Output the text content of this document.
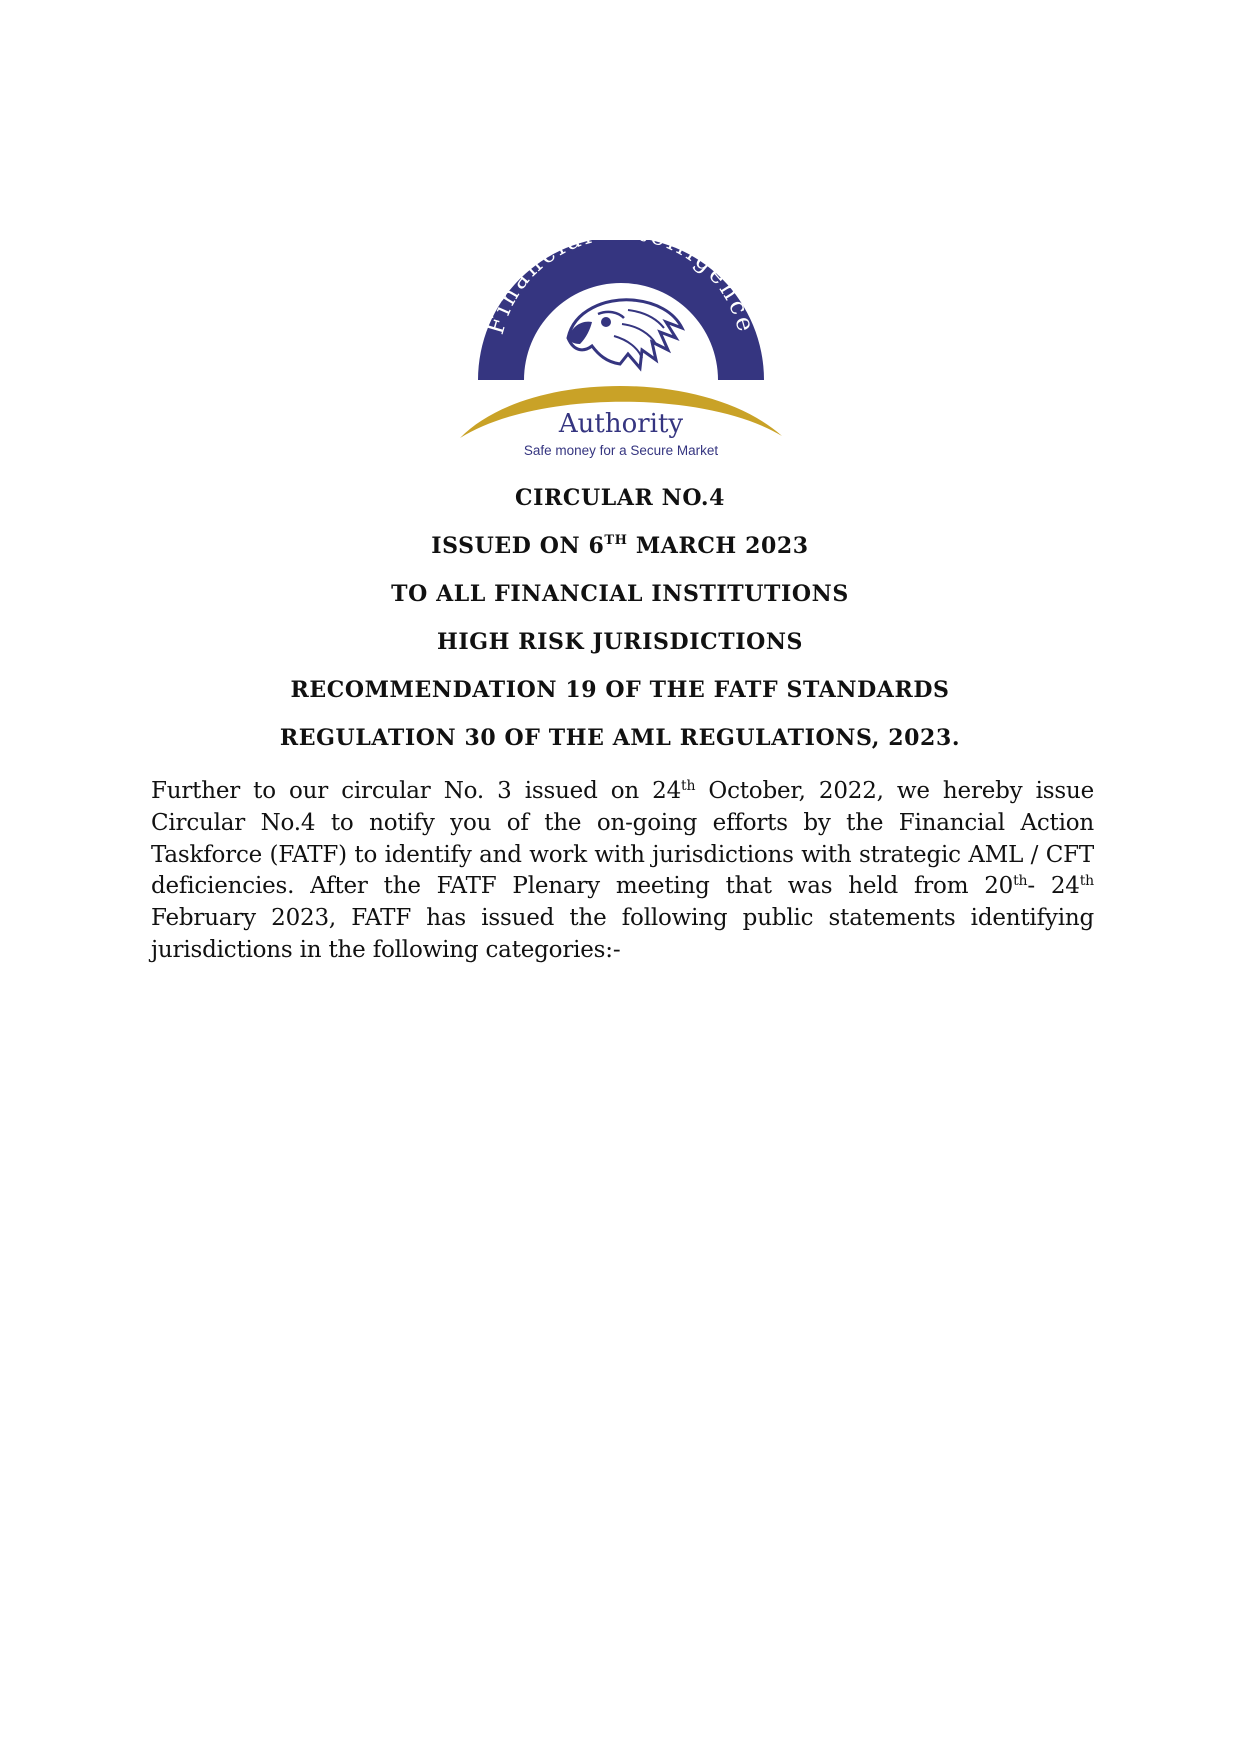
Financi lligence
Authority
Safe money for a Secure Market
CIRCULAR NO.4
ISSUED ON 6TH MARCH 2023
TO ALL FINANCIAL INSTITUTIONS
HIGH RISK JURISDICTIONS
RECOMMENDATION 19 OF THE FATF STANDARDS
REGULATION 30 OF THE AML REGULATIONS, 2023.

Further to our circular No. 3 issued on 24th October, 2022, we hereby issue Circular No.4 to notify you of the on-going efforts by the Financial Action Taskforce (FATF) to identify and work with jurisdictions with strategic AML / CFT deficiencies. After the FATF Plenary meeting that was held from 20th- 24th February 2023, FATF has issued the following public statements identifying jurisdictions in the following categories:-
